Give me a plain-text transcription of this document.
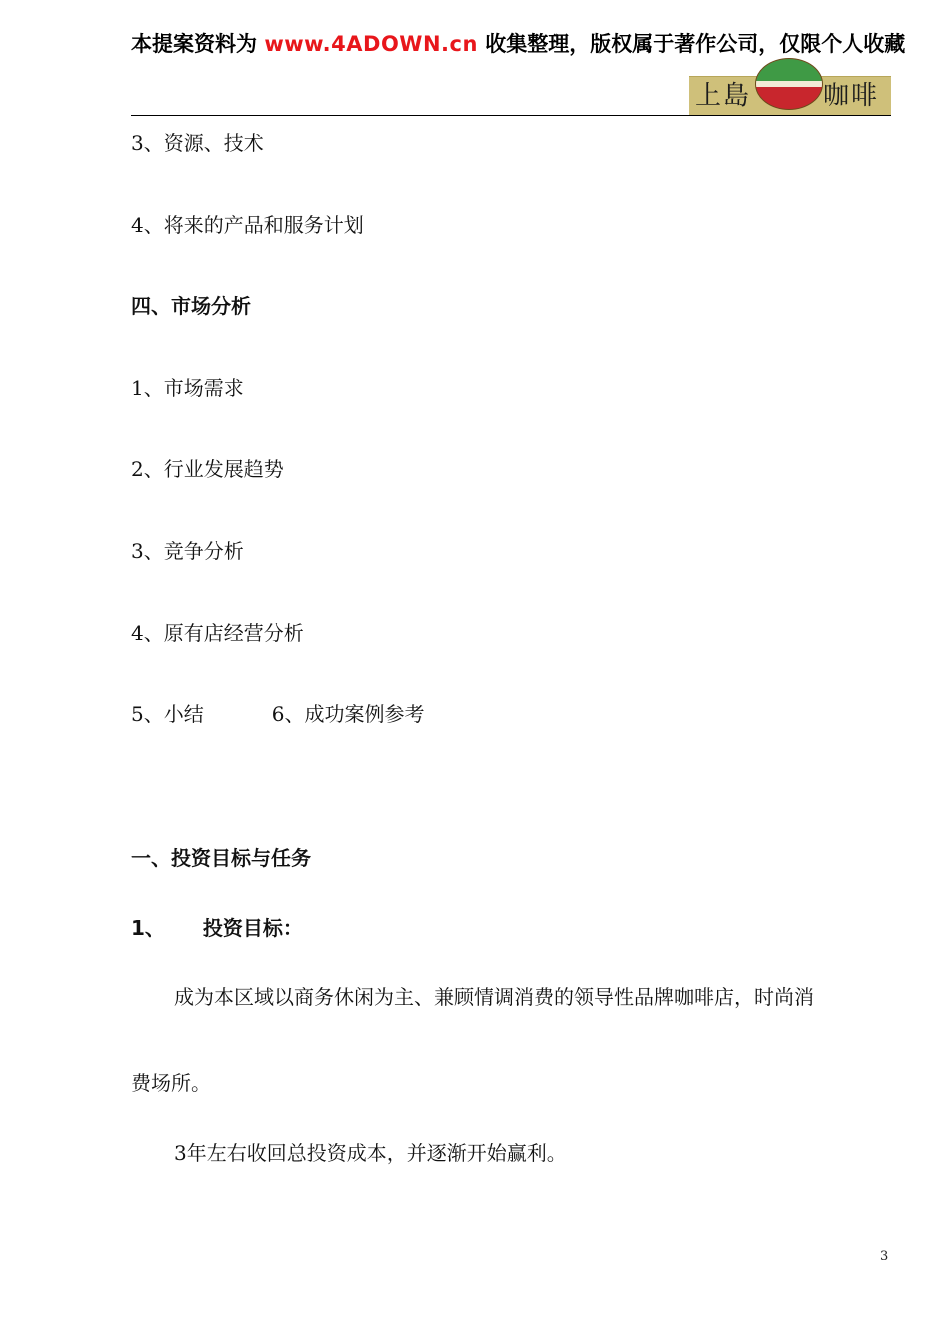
本提案资料为 www.4ADOWN.cn 收集整理，版权属于著作公司，仅限个人收藏
上島	咖啡
3、资源、技术
4、将来的产品和服务计划
四、市场分析
1、市场需求
2、行业发展趋势
3、竞争分析
4、原有店经营分析
5、小结	6、成功案例参考
一、投资目标与任务
1、 投资目标：
成为本区域以商务休闲为主、兼顾情调消费的领导性品牌咖啡店，时尚消
费场所。
3年左右收回总投资成本，并逐渐开始赢利。
3
